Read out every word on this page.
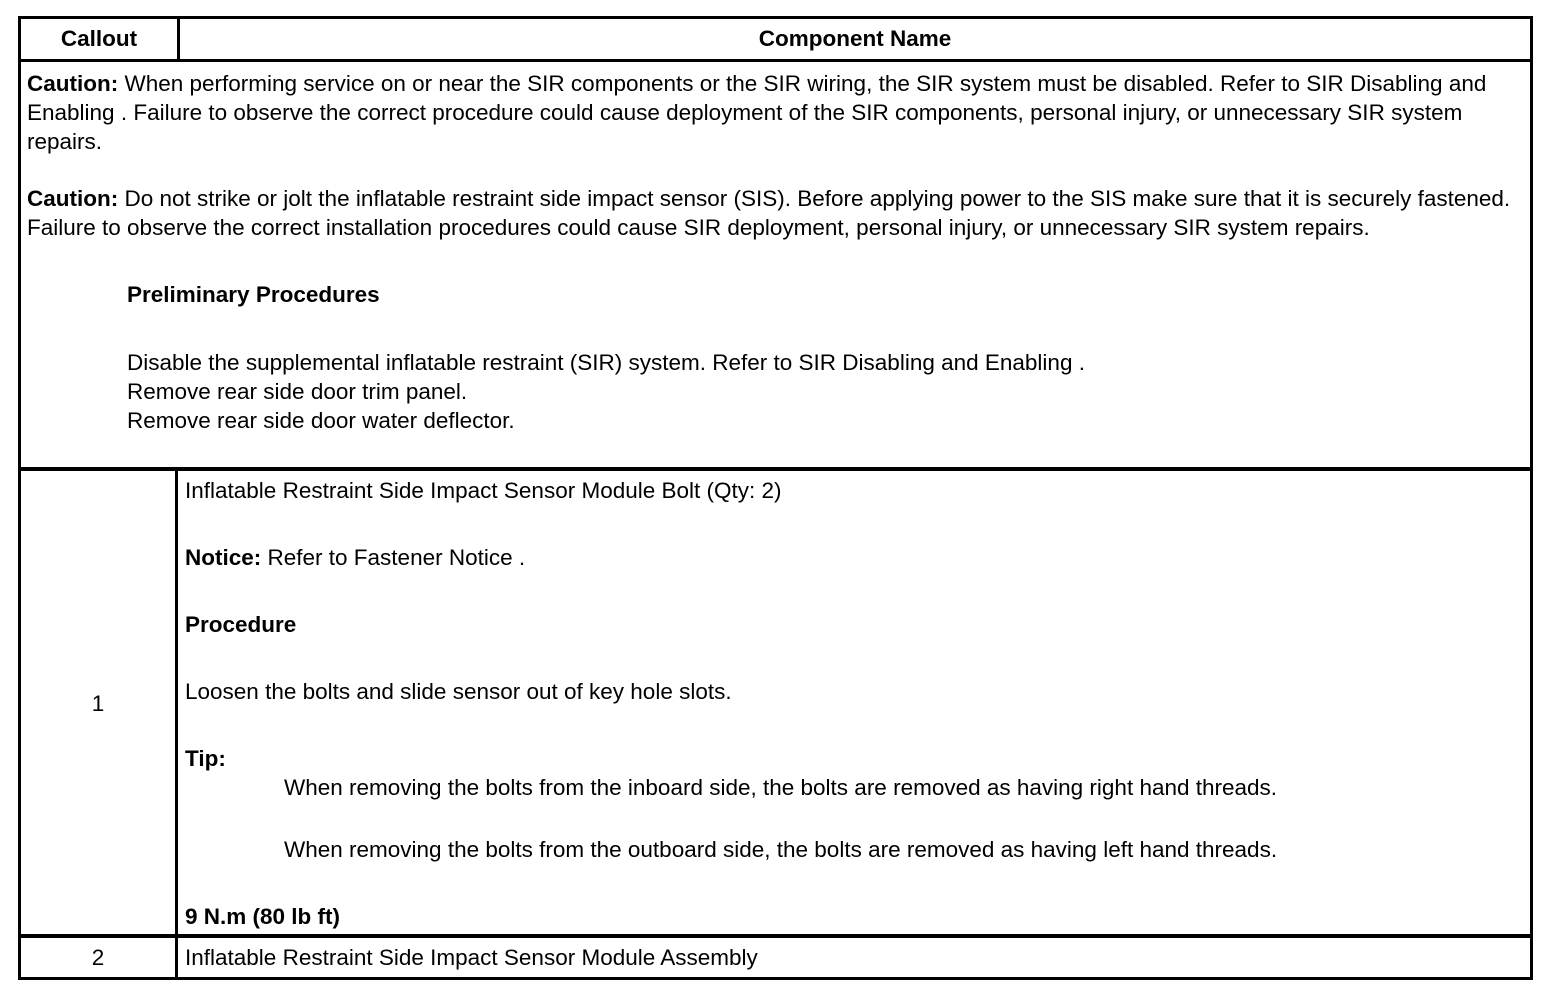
Callout	Component Name

Caution: When performing service on or near the SIR components or the SIR wiring, the SIR system must be disabled. Refer to SIR Disabling and Enabling . Failure to observe the correct procedure could cause deployment of the SIR components, personal injury, or unnecessary SIR system repairs.

Caution: Do not strike or jolt the inflatable restraint side impact sensor (SIS). Before applying power to the SIS make sure that it is securely fastened. Failure to observe the correct installation procedures could cause SIR deployment, personal injury, or unnecessary SIR system repairs.

Preliminary Procedures
Disable the supplemental inflatable restraint (SIR) system. Refer to SIR Disabling and Enabling .
Remove rear side door trim panel.
Remove rear side door water deflector.
1
Inflatable Restraint Side Impact Sensor Module Bolt (Qty: 2)
Notice: Refer to Fastener Notice .
Procedure
Loosen the bolts and slide sensor out of key hole slots.
Tip:
When removing the bolts from the inboard side, the bolts are removed as having right hand threads.
When removing the bolts from the outboard side, the bolts are removed as having left hand threads.
9 N.m (80 lb ft)
2	Inflatable Restraint Side Impact Sensor Module Assembly
